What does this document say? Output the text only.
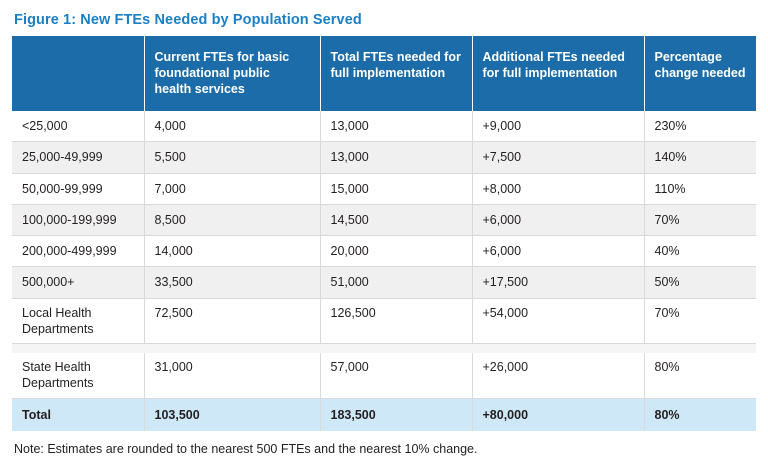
Figure 1: New FTEs Needed by Population Served
	Current FTEs for basic foundational public health services	Total FTEs needed for full implementation	Additional FTEs needed for full implementation	Percentage change needed
<25,000	4,000	13,000	+9,000	230%
25,000-49,999	5,500	13,000	+7,500	140%
50,000-99,999	7,000	15,000	+8,000	110%
100,000-199,999	8,500	14,500	+6,000	70%
200,000-499,999	14,000	20,000	+6,000	40%
500,000+	33,500	51,000	+17,500	50%
Local Health Departments	72,500	126,500	+54,000	70%

State Health Departments	31,000	57,000	+26,000	80%
Total	103,500	183,500	+80,000	80%
Note: Estimates are rounded to the nearest 500 FTEs and the nearest 10% change.
